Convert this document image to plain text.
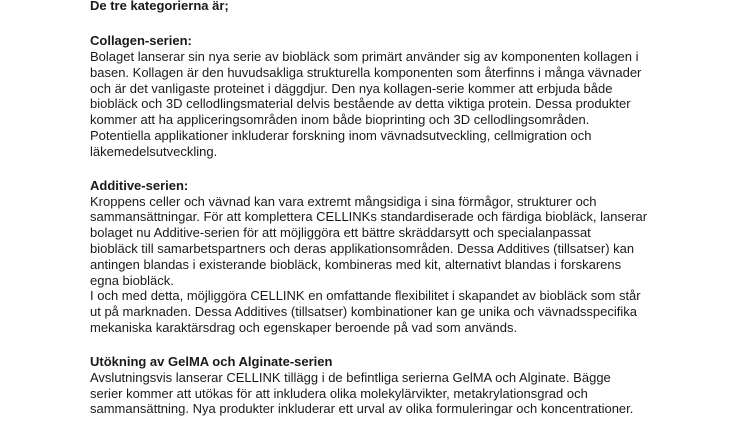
De tre kategorierna är;

Collagen-serien:

Bolaget lanserar sin nya serie av biobläck som primärt använder sig av komponenten kollagen i
basen. Kollagen är den huvudsakliga strukturella komponenten som återfinns i många vävnader
och är det vanligaste proteinet i däggdjur. Den nya kollagen-serie kommer att erbjuda både
biobläck och 3D cellodlingsmaterial delvis bestående av detta viktiga protein. Dessa produkter
kommer att ha appliceringsområden inom både bioprinting och 3D cellodlingsområden.
Potentiella applikationer inkluderar forskning inom vävnadsutveckling, cellmigration och
läkemedelsutveckling.

Additive-serien:

Kroppens celler och vävnad kan vara extremt mångsidiga i sina förmågor, strukturer och
sammansättningar. För att komplettera CELLINKs standardiserade och färdiga biobläck, lanserar
bolaget nu Additive-serien för att möjliggöra ett bättre skräddarsytt och specialanpassat
biobläck till samarbetspartners och deras applikationsområden. Dessa Additives (tillsatser) kan
antingen blandas i existerande biobläck, kombineras med kit, alternativt blandas i forskarens
egna biobläck.

I och med detta, möjliggöra CELLINK en omfattande flexibilitet i skapandet av biobläck som står
ut på marknaden. Dessa Additives (tillsatser) kombinationer kan ge unika och vävnadsspecifika
mekaniska karaktärsdrag och egenskaper beroende på vad som används.

Utökning av GelMA och Alginate-serien

Avslutningsvis lanserar CELLINK tillägg i de befintliga serierna GelMA och Alginate. Bägge
serier kommer att utökas för att inkludera olika molekylärvikter, metakrylationsgrad och
sammansättning. Nya produkter inkluderar ett urval av olika formuleringar och koncentrationer.
